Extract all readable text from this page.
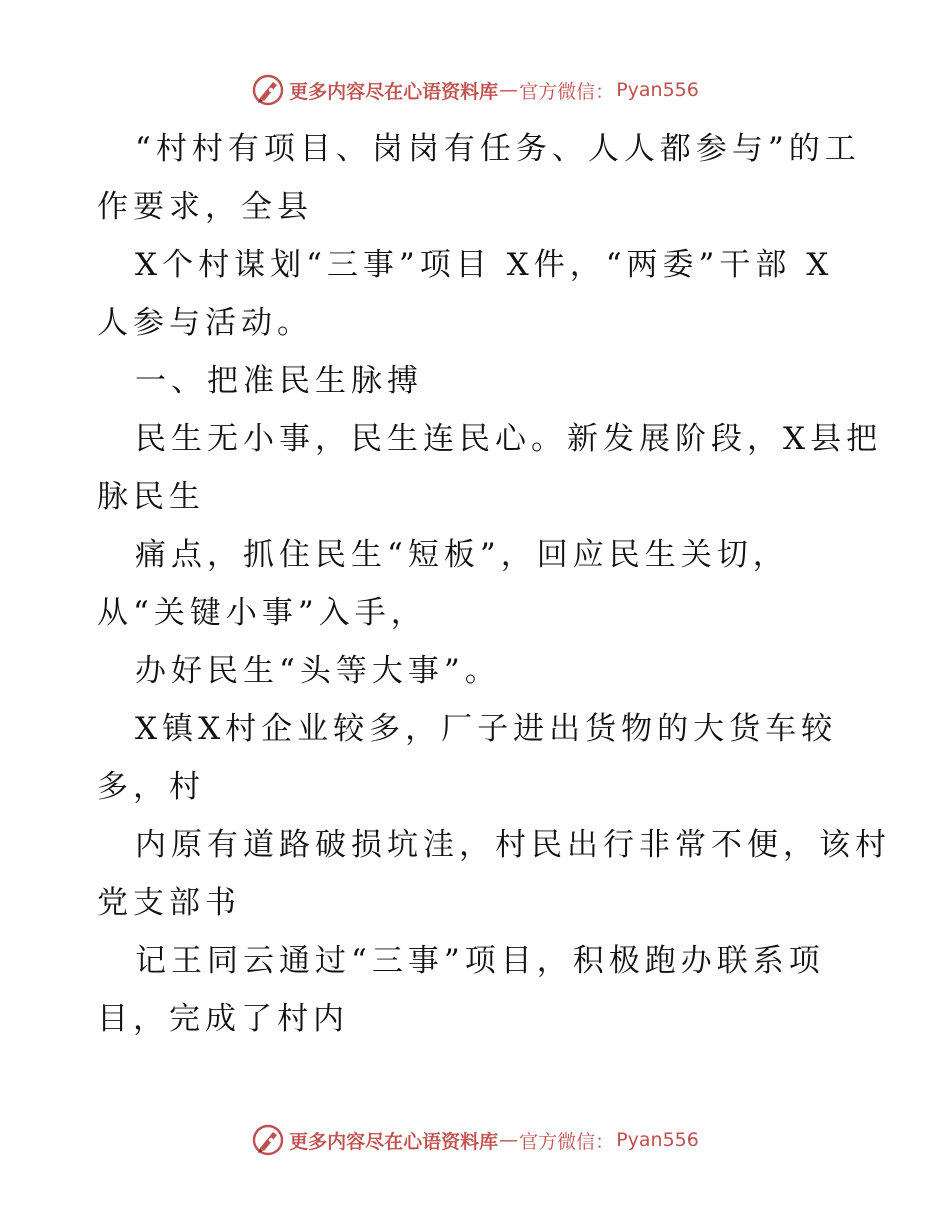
更多内容尽在心语资料库 — 官方微信： Pyan556
“村村有项目、岗岗有任务、人人都参与”的工
作要求，全县
X个村谋划“三事”项目 X件，“两委”干部 X
人参与活动。
一、把准民生脉搏
民生无小事，民生连民心。新发展阶段，X县把
脉民生
痛点，抓住民生“短板”，回应民生关切，
从“关键小事”入手，
办好民生“头等大事”。
X镇X村企业较多，厂子进出货物的大货车较
多，村
内原有道路破损坑洼，村民出行非常不便，该村
党支部书
记王同云通过“三事”项目，积极跑办联系项
目，完成了村内
更多内容尽在心语资料库 — 官方微信： Pyan556
